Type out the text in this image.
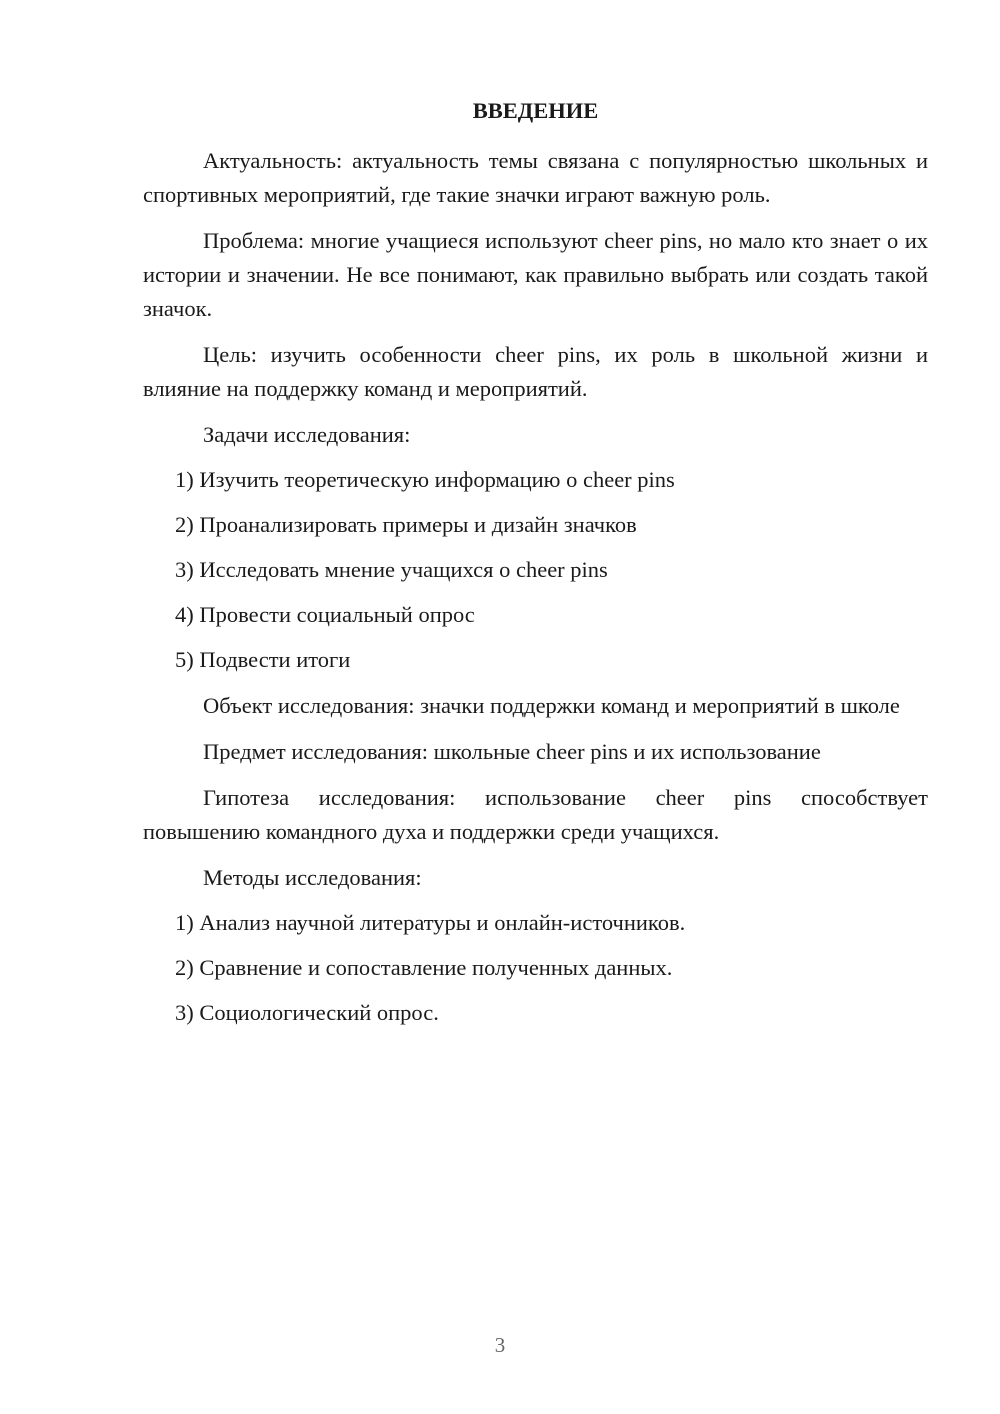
ВВЕДЕНИЕ

Актуальность: актуальность темы связана с популярностью школьных и спортивных мероприятий, где такие значки играют важную роль.

Проблема: многие учащиеся используют cheer pins, но мало кто знает о их истории и значении. Не все понимают, как правильно выбрать или создать такой значок.

Цель: изучить особенности cheer pins, их роль в школьной жизни и влияние на поддержку команд и мероприятий.

Задачи исследования:

1) Изучить теоретическую информацию о cheer pins
2) Проанализировать примеры и дизайн значков
3) Исследовать мнение учащихся о cheer pins
4) Провести социальный опрос
5) Подвести итоги

Объект исследования: значки поддержки команд и мероприятий в школе

Предмет исследования: школьные cheer pins и их использование

Гипотеза исследования: использование cheer pins способствует повышению командного духа и поддержки среди учащихся.

Методы исследования:

1) Анализ научной литературы и онлайн-источников.
2) Сравнение и сопоставление полученных данных.
3) Социологический опрос.
3
